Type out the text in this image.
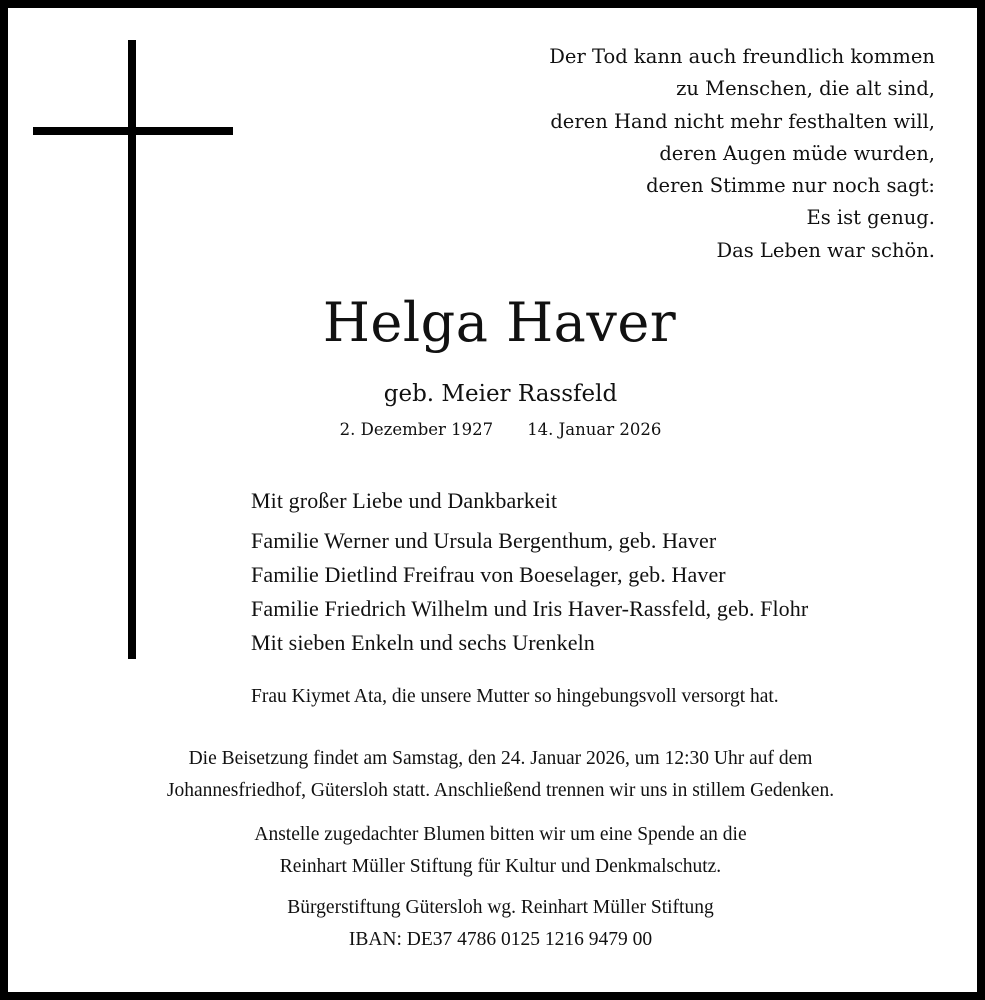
Der Tod kann auch freundlich kommen
zu Menschen, die alt sind,
deren Hand nicht mehr festhalten will,
deren Augen müde wurden,
deren Stimme nur noch sagt:
Es ist genug.
Das Leben war schön.
Helga Haver
geb. Meier Rassfeld
2. Dezember 1927 14. Januar 2026
Mit großer Liebe und Dankbarkeit
Familie Werner und Ursula Bergenthum, geb. Haver
Familie Dietlind Freifrau von Boeselager, geb. Haver
Familie Friedrich Wilhelm und Iris Haver-Rassfeld, geb. Flohr
Mit sieben Enkeln und sechs Urenkeln
Frau Kiymet Ata, die unsere Mutter so hingebungsvoll versorgt hat.
Die Beisetzung findet am Samstag, den 24. Januar 2026, um 12:30 Uhr auf dem
Johannesfriedhof, Gütersloh statt. Anschließend trennen wir uns in stillem Gedenken.
Anstelle zugedachter Blumen bitten wir um eine Spende an die
Reinhart Müller Stiftung für Kultur und Denkmalschutz.
Bürgerstiftung Gütersloh wg. Reinhart Müller Stiftung
IBAN: DE37 4786 0125 1216 9479 00
